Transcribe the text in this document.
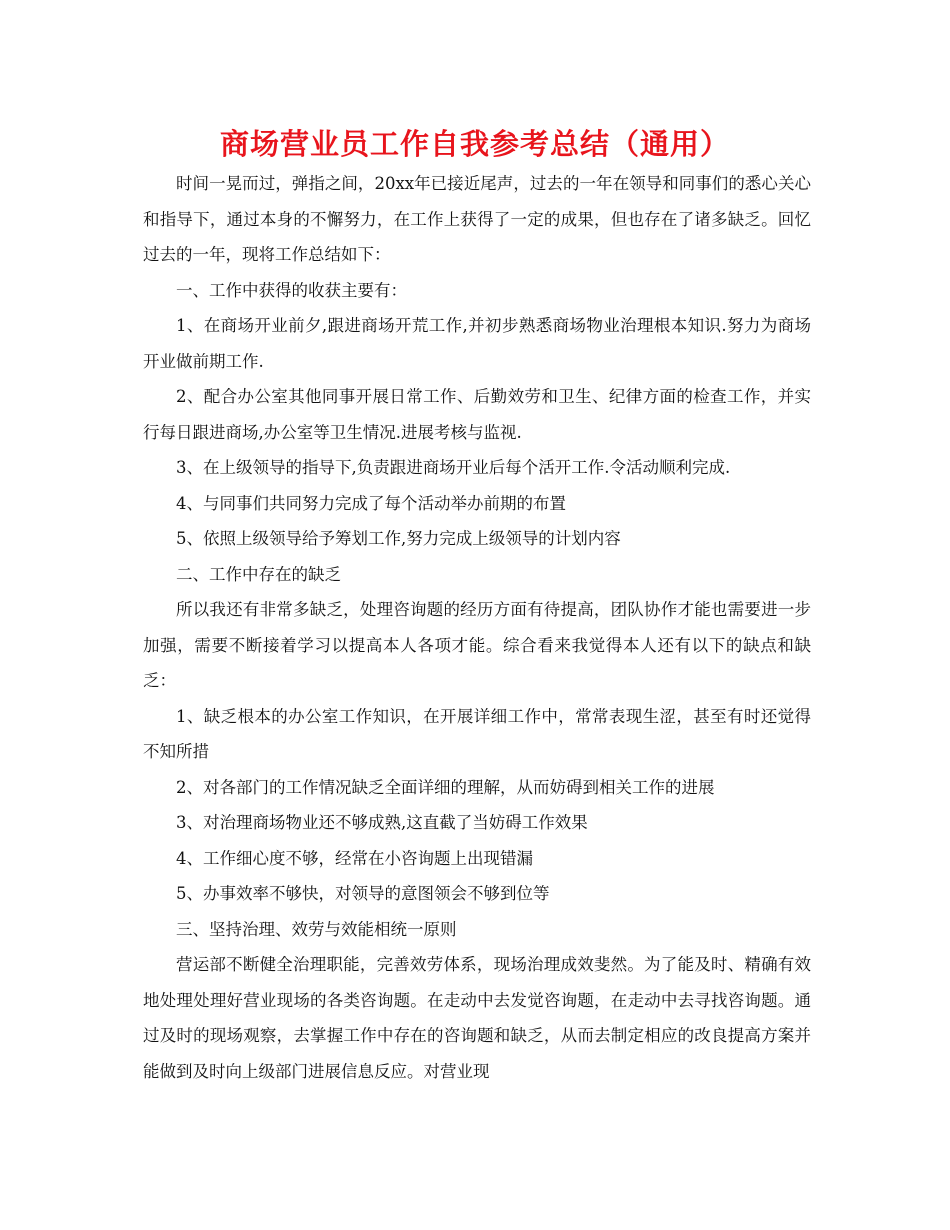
商场营业员工作自我参考总结（通用）

时间一晃而过，弹指之间，20xx年已接近尾声，过去的一年在领导和同事们的悉心关心和指导下，通过本身的不懈努力，在工作上获得了一定的成果，但也存在了诸多缺乏。回忆过去的一年，现将工作总结如下：

一、工作中获得的收获主要有：

1、在商场开业前夕,跟进商场开荒工作,并初步熟悉商场物业治理根本知识.努力为商场开业做前期工作.

2、配合办公室其他同事开展日常工作、后勤效劳和卫生、纪律方面的检查工作，并实行每日跟进商场,办公室等卫生情况.进展考核与监视.

3、在上级领导的指导下,负责跟进商场开业后每个活开工作.令活动顺利完成.

4、与同事们共同努力完成了每个活动举办前期的布置

5、依照上级领导给予筹划工作,努力完成上级领导的计划内容

二、工作中存在的缺乏

所以我还有非常多缺乏，处理咨询题的经历方面有待提高，团队协作才能也需要进一步加强，需要不断接着学习以提高本人各项才能。综合看来我觉得本人还有以下的缺点和缺乏：

1、缺乏根本的办公室工作知识，在开展详细工作中，常常表现生涩，甚至有时还觉得不知所措

2、对各部门的工作情况缺乏全面详细的理解，从而妨碍到相关工作的进展

3、对治理商场物业还不够成熟,这直截了当妨碍工作效果

4、工作细心度不够，经常在小咨询题上出现错漏

5、办事效率不够快，对领导的意图领会不够到位等

三、坚持治理、效劳与效能相统一原则

营运部不断健全治理职能，完善效劳体系，现场治理成效斐然。为了能及时、精确有效地处理处理好营业现场的各类咨询题。在走动中去发觉咨询题，在走动中去寻找咨询题。通过及时的现场观察，去掌握工作中存在的咨询题和缺乏，从而去制定相应的改良提高方案并能做到及时向上级部门进展信息反应。对营业现
